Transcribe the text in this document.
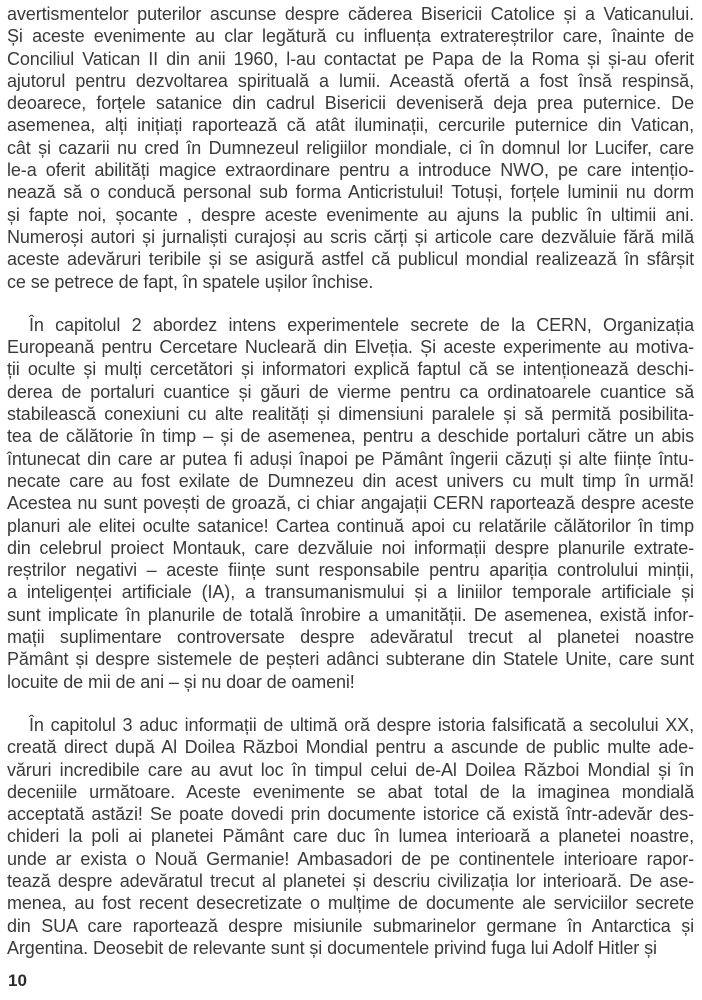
avertismentelor puterilor ascunse despre căderea Bisericii Catolice și a Vaticanului.
Și aceste evenimente au clar legătură cu influența extratereștrilor care, înainte de
Conciliul Vatican II din anii 1960, l-au contactat pe Papa de la Roma și și-au oferit
ajutorul pentru dezvoltarea spirituală a lumii. Această ofertă a fost însă respinsă,
deoarece, forțele satanice din cadrul Bisericii deveniseră deja prea puternice. De
asemenea, alți inițiați raportează că atât iluminații, cercurile puternice din Vatican,
cât și cazarii nu cred în Dumnezeul religiilor mondiale, ci în domnul lor Lucifer, care
le-a oferit abilități magice extraordinare pentru a introduce NWO, pe care intențio-
nează să o conducă personal sub forma Anticristului! Totuși, forțele luminii nu dorm
și fapte noi, șocante , despre aceste evenimente au ajuns la public în ultimii ani.
Numeroși autori și jurnaliști curajoși au scris cărți și articole care dezvăluie fără milă
aceste adevăruri teribile și se asigură astfel că publicul mondial realizează în sfârșit
ce se petrece de fapt, în spatele ușilor închise.
În capitolul 2 abordez intens experimentele secrete de la CERN, Organizația
Europeană pentru Cercetare Nucleară din Elveția. Și aceste experimente au motiva-
ții oculte și mulți cercetători și informatori explică faptul că se intenționează deschi-
derea de portaluri cuantice și găuri de vierme pentru ca ordinatoarele cuantice să
stabilească conexiuni cu alte realități și dimensiuni paralele și să permită posibilita-
tea de călătorie în timp – și de asemenea, pentru a deschide portaluri către un abis
întunecat din care ar putea fi aduși înapoi pe Pământ îngerii căzuți și alte ființe întu-
necate care au fost exilate de Dumnezeu din acest univers cu mult timp în urmă!
Acestea nu sunt povești de groază, ci chiar angajații CERN raportează despre aceste
planuri ale elitei oculte satanice! Cartea continuă apoi cu relatările călătorilor în timp
din celebrul proiect Montauk, care dezvăluie noi informații despre planurile extrate-
reștrilor negativi – aceste ființe sunt responsabile pentru apariția controlului minții,
a inteligenței artificiale (IA), a transumanismului și a liniilor temporale artificiale și
sunt implicate în planurile de totală înrobire a umanității. De asemenea, există infor-
mații suplimentare controversate despre adevăratul trecut al planetei noastre
Pământ și despre sistemele de peșteri adânci subterane din Statele Unite, care sunt
locuite de mii de ani – și nu doar de oameni!
În capitolul 3 aduc informații de ultimă oră despre istoria falsificată a secolului XX,
creată direct după Al Doilea Război Mondial pentru a ascunde de public multe ade-
văruri incredibile care au avut loc în timpul celui de-Al Doilea Război Mondial și în
deceniile următoare. Aceste evenimente se abat total de la imaginea mondială
acceptată astăzi! Se poate dovedi prin documente istorice că există într-adevăr des-
chideri la poli ai planetei Pământ care duc în lumea interioară a planetei noastre,
unde ar exista o Nouă Germanie! Ambasadori de pe continentele interioare rapor-
tează despre adevăratul trecut al planetei și descriu civilizația lor interioară. De ase-
menea, au fost recent desecretizate o mulțime de documente ale serviciilor secrete
din SUA care raportează despre misiunile submarinelor germane în Antarctica și
Argentina. Deosebit de relevante sunt și documentele privind fuga lui Adolf Hitler și
10
